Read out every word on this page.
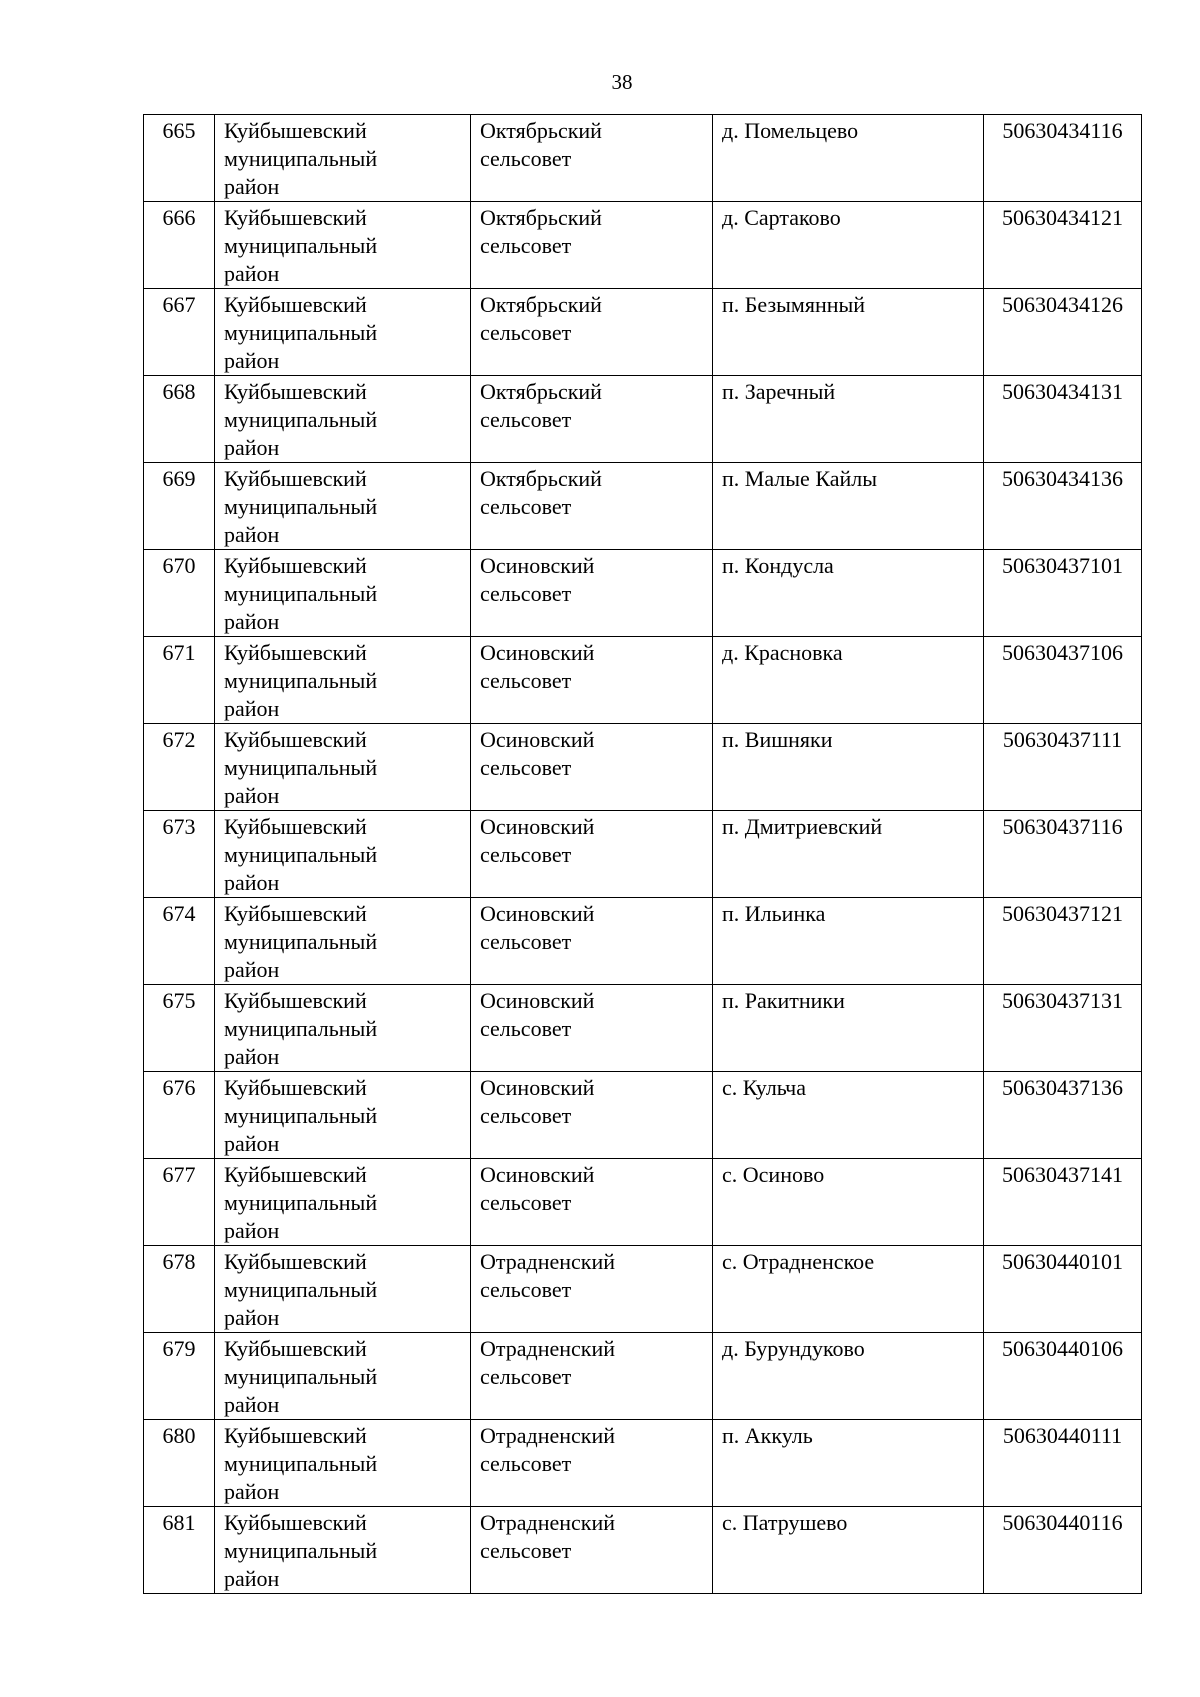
38
665	Куйбышевский
муниципальный
район	Октябрьский
сельсовет	д. Помельцево	50630434116
666	Куйбышевский
муниципальный
район	Октябрьский
сельсовет	д. Сартаково	50630434121
667	Куйбышевский
муниципальный
район	Октябрьский
сельсовет	п. Безымянный	50630434126
668	Куйбышевский
муниципальный
район	Октябрьский
сельсовет	п. Заречный	50630434131
669	Куйбышевский
муниципальный
район	Октябрьский
сельсовет	п. Малые Кайлы	50630434136
670	Куйбышевский
муниципальный
район	Осиновский
сельсовет	п. Кондусла	50630437101
671	Куйбышевский
муниципальный
район	Осиновский
сельсовет	д. Красновка	50630437106
672	Куйбышевский
муниципальный
район	Осиновский
сельсовет	п. Вишняки	50630437111
673	Куйбышевский
муниципальный
район	Осиновский
сельсовет	п. Дмитриевский	50630437116
674	Куйбышевский
муниципальный
район	Осиновский
сельсовет	п. Ильинка	50630437121
675	Куйбышевский
муниципальный
район	Осиновский
сельсовет	п. Ракитники	50630437131
676	Куйбышевский
муниципальный
район	Осиновский
сельсовет	с. Кульча	50630437136
677	Куйбышевский
муниципальный
район	Осиновский
сельсовет	с. Осиново	50630437141
678	Куйбышевский
муниципальный
район	Отрадненский
сельсовет	с. Отрадненское	50630440101
679	Куйбышевский
муниципальный
район	Отрадненский
сельсовет	д. Бурундуково	50630440106
680	Куйбышевский
муниципальный
район	Отрадненский
сельсовет	п. Аккуль	50630440111
681	Куйбышевский
муниципальный
район	Отрадненский
сельсовет	с. Патрушево	50630440116
